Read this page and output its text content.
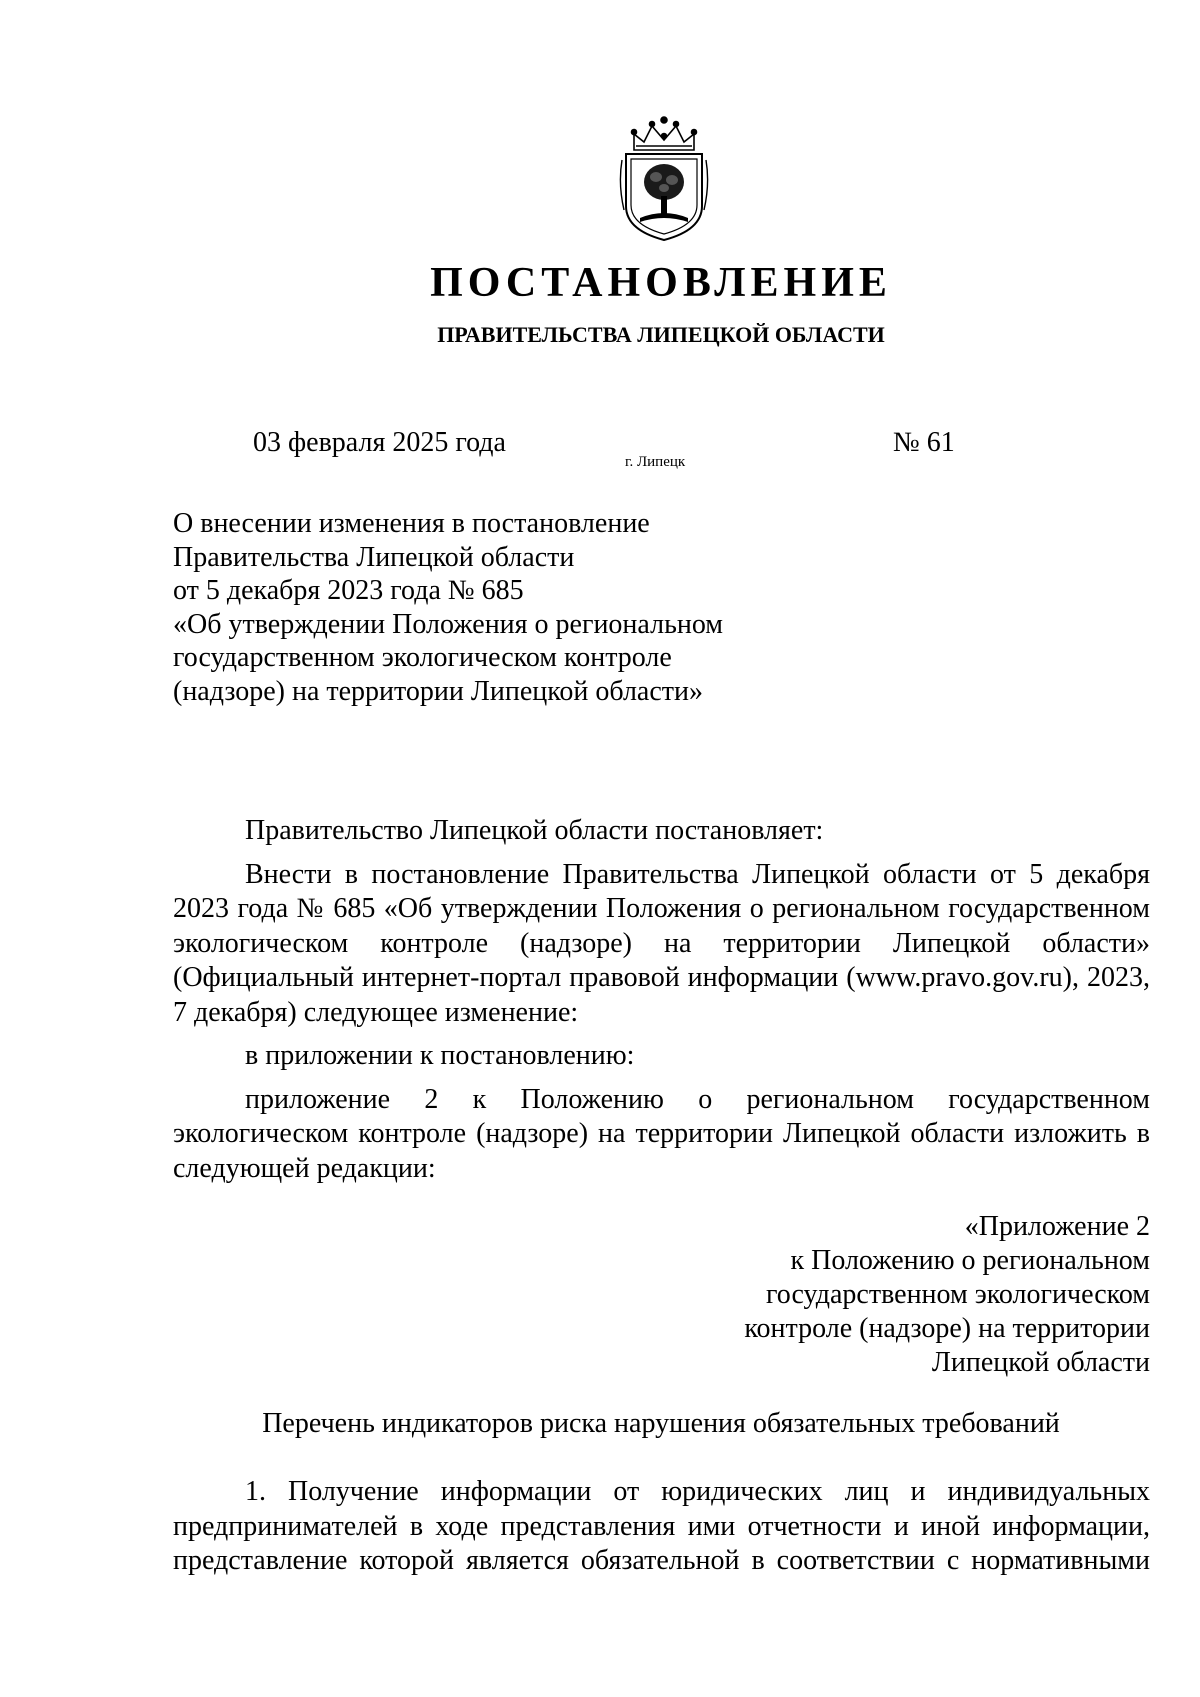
ПОСТАНОВЛЕНИЕ
ПРАВИТЕЛЬСТВА ЛИПЕЦКОЙ ОБЛАСТИ
03 февраля 2025 года
г. Липецк
№ 61
О внесении изменения в постановление
Правительства Липецкой области
от 5 декабря 2023 года № 685
«Об утверждении Положения о региональном
государственном экологическом контроле
(надзоре) на территории Липецкой области»

Правительство Липецкой области постановляет:

Внести в постановление Правительства Липецкой области от 5 декабря 2023 года № 685 «Об утверждении Положения о региональном государственном экологическом контроле (надзоре) на территории Липецкой области» (Официальный интернет-портал правовой информации (www.pravo.gov.ru), 2023, 7 декабря) следующее изменение:

в приложении к постановлению:

приложение 2 к Положению о региональном государственном экологическом контроле (надзоре) на территории Липецкой области изложить в следующей редакции:

«Приложение 2
к Положению о региональном
государственном экологическом
контроле (надзоре) на территории
Липецкой области
Перечень индикаторов риска нарушения обязательных требований
1. Получение информации от юридических лиц и индивидуальных
предпринимателей в ходе представления ими отчетности и иной информации,
представление которой является обязательной в соответствии с нормативными
